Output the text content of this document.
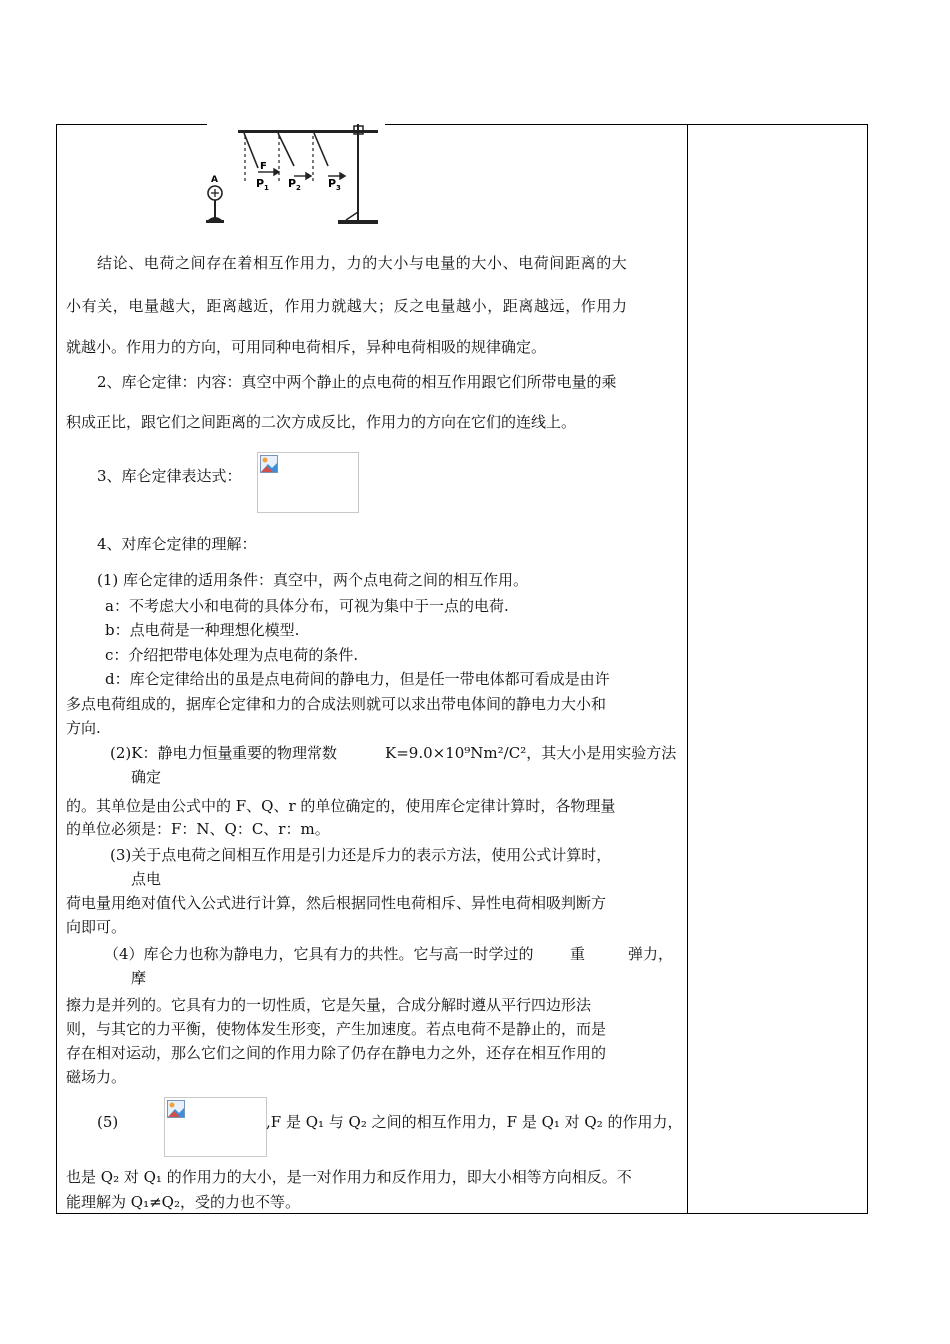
F
P 1 P 2 P 3
A
结论、电荷之间存在着相互作用力，力的大小与电量的大小、电荷间距离的大
小有关，电量越大，距离越近，作用力就越大；反之电量越小，距离越远，作用力
就越小。作用力的方向，可用同种电荷相斥，异种电荷相吸的规律确定。
2、库仑定律：内容：真空中两个静止的点电荷的相互作用跟它们所带电量的乘
积成正比，跟它们之间距离的二次方成反比，作用力的方向在它们的连线上。
3、库仑定律表达式：
4、对库仑定律的理解：
(1) 库仑定律的适用条件：真空中，两个点电荷之间的相互作用。
a：不考虑大小和电荷的具体分布，可视为集中于一点的电荷.
b：点电荷是一种理想化模型.
c：介绍把带电体处理为点电荷的条件.
d：库仑定律给出的虽是点电荷间的静电力，但是任一带电体都可看成是由许
多点电荷组成的，据库仑定律和力的合成法则就可以求出带电体间的静电力大小和
方向.
(2)K：静电力恒量 重要的物理常数	K=9.0×10⁹Nm²/C²，其大小是用实验方法
确定
的。其单位是由公式中的 F、Q、r 的单位确定的，使用库仑定律计算时，各物理量
的单位必须是：F：N、Q：C、r：m。
(3)关于点电荷之间相互作用是引力还是斥力的表示方法，使用公式计算时，
点电
荷电量用绝对值代入公式进行计算，然后根据同性电荷相斥、异性电荷相吸判断方
向即可。
（4）库仑力也称为静电力，它具有力的共性。它与高一时学过的 重	弹力，
摩
擦力是并列的。它具有力的一切性质，它是矢量，合成分解时遵从平行四边形法
则，与其它的力平衡，使物体发生形变，产生加速度。若点电荷不是静止的，而是
存在相对运动，那么它们之间的作用力除了仍存在静电力之外，还存在相互作用的
磁场力。
(5)	,F 是 Q₁ 与 Q₂ 之间的相互作用力，F 是 Q₁ 对 Q₂ 的作用力，
也是 Q₂ 对 Q₁ 的作用力的大小，是一对作用力和反作用力，即大小相等方向相反。不
能理解为 Q₁≠Q₂，受的力也不等。
